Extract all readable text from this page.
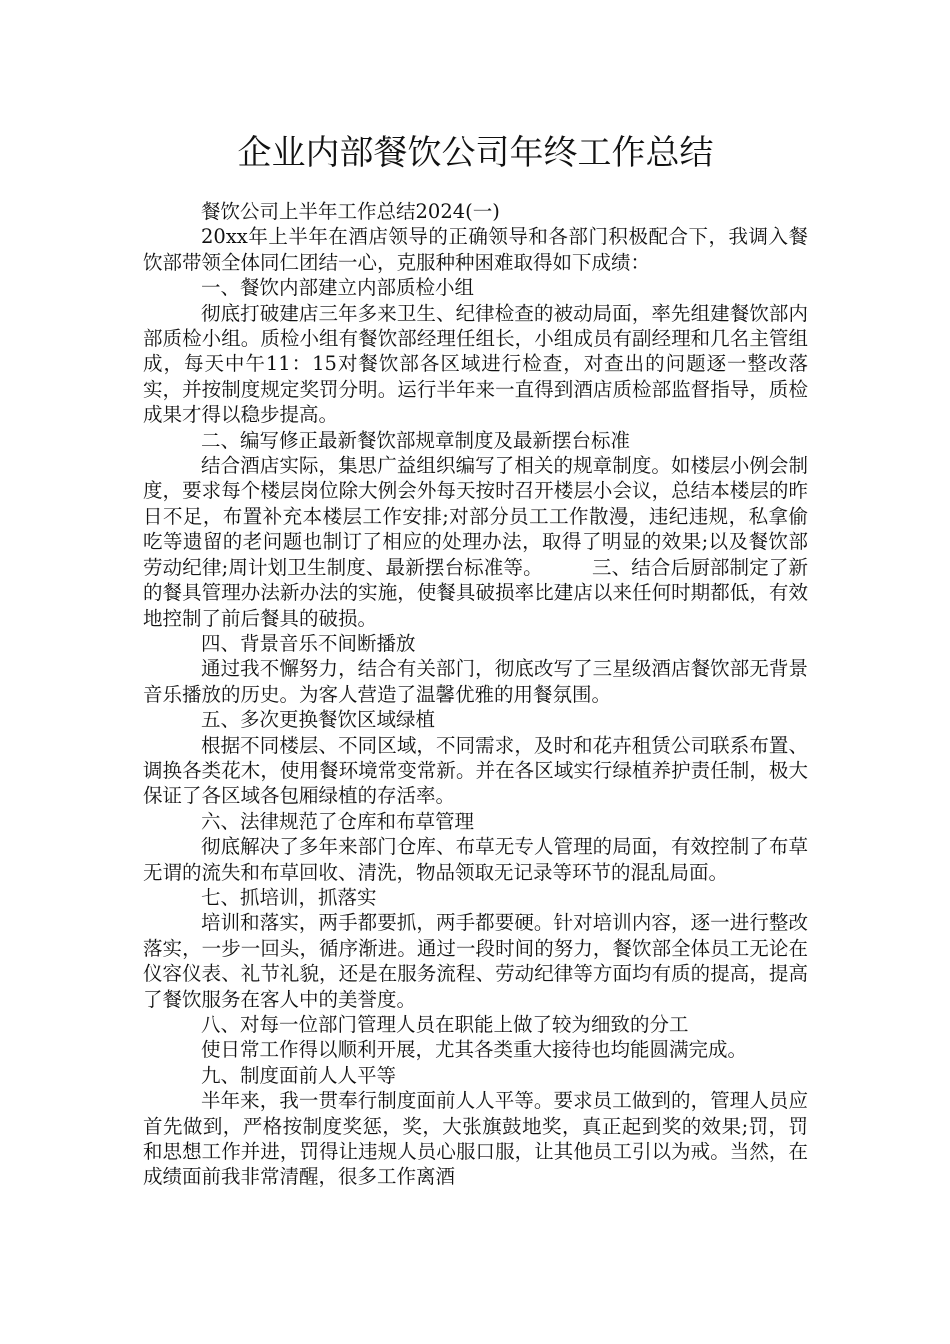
企业内部餐饮公司年终工作总结

餐饮公司上半年工作总结2024(一)

20xx年上半年在酒店领导的正确领导和各部门积极配合下，我调入餐饮部带领全体同仁团结一心，克服种种困难取得如下成绩：

一、餐饮内部建立内部质检小组

彻底打破建店三年多来卫生、纪律检查的被动局面，率先组建餐饮部内部质检小组。质检小组有餐饮部经理任组长，小组成员有副经理和几名主管组成，每天中午11：15对餐饮部各区域进行检查，对查出的问题逐一整改落实，并按制度规定奖罚分明。运行半年来一直得到酒店质检部监督指导，质检成果才得以稳步提高。

二、编写修正最新餐饮部规章制度及最新摆台标准

结合酒店实际，集思广益组织编写了相关的规章制度。如楼层小例会制度，要求每个楼层岗位除大例会外每天按时召开楼层小会议，总结本楼层的昨日不足，布置补充本楼层工作安排;对部分员工工作散漫，违纪违规，私拿偷吃等遗留的老问题也制订了相应的处理办法，取得了明显的效果;以及餐饮部劳动纪律;周计划卫生制度、最新摆台标准等。　　　三、结合后厨部制定了新的餐具管理办法新办法的实施，使餐具破损率比建店以来任何时期都低，有效地控制了前后餐具的破损。

四、背景音乐不间断播放

通过我不懈努力，结合有关部门，彻底改写了三星级酒店餐饮部无背景音乐播放的历史。为客人营造了温馨优雅的用餐氛围。

五、多次更换餐饮区域绿植

根据不同楼层、不同区域，不同需求，及时和花卉租赁公司联系布置、调换各类花木，使用餐环境常变常新。并在各区域实行绿植养护责任制，极大保证了各区域各包厢绿植的存活率。

六、法律规范了仓库和布草管理

彻底解决了多年来部门仓库、布草无专人管理的局面，有效控制了布草无谓的流失和布草回收、清洗，物品领取无记录等环节的混乱局面。

七、抓培训，抓落实

培训和落实，两手都要抓，两手都要硬。针对培训内容，逐一进行整改落实，一步一回头，循序渐进。通过一段时间的努力，餐饮部全体员工无论在仪容仪表、礼节礼貌，还是在服务流程、劳动纪律等方面均有质的提高，提高了餐饮服务在客人中的美誉度。

八、对每一位部门管理人员在职能上做了较为细致的分工

使日常工作得以顺利开展，尤其各类重大接待也均能圆满完成。

九、制度面前人人平等

半年来，我一贯奉行制度面前人人平等。要求员工做到的，管理人员应首先做到，严格按制度奖惩，奖，大张旗鼓地奖，真正起到奖的效果;罚，罚和思想工作并进，罚得让违规人员心服口服，让其他员工引以为戒。当然，在成绩面前我非常清醒，很多工作离酒
